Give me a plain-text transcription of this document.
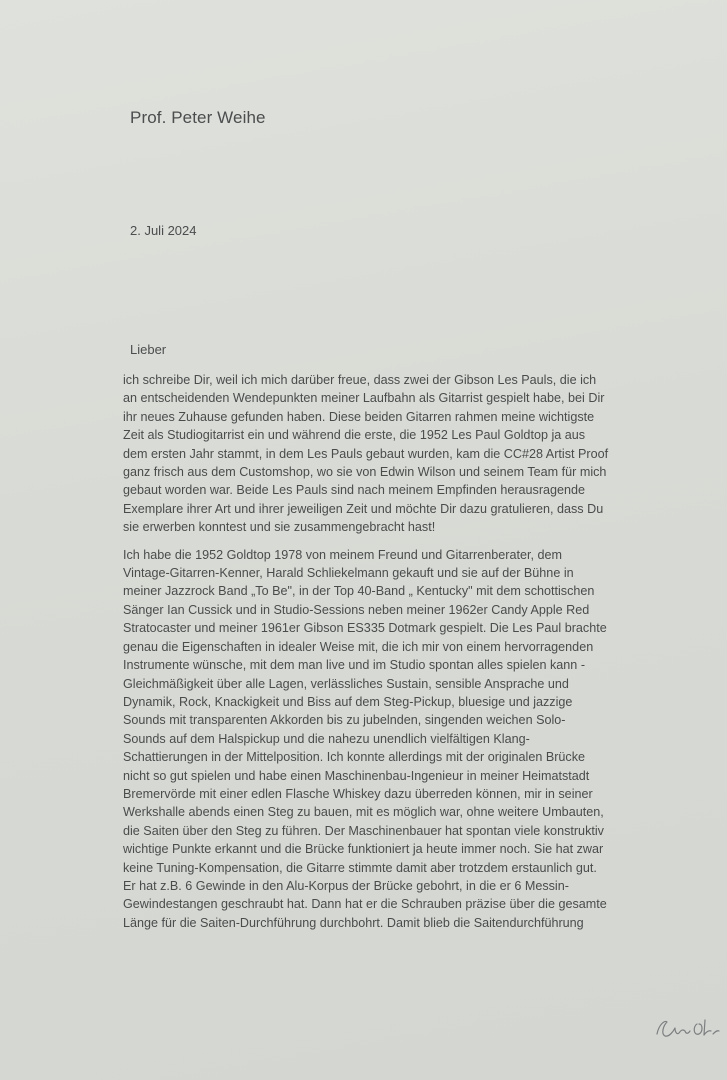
Prof. Peter Weihe
2. Juli 2024
Lieber
ich schreibe Dir, weil ich mich darüber freue, dass zwei der Gibson Les Pauls, die ich
an entscheidenden Wendepunkten meiner Laufbahn als Gitarrist gespielt habe, bei Dir
ihr neues Zuhause gefunden haben. Diese beiden Gitarren rahmen meine wichtigste
Zeit als Studiogitarrist ein und während die erste, die 1952 Les Paul Goldtop ja aus
dem ersten Jahr stammt, in dem Les Pauls gebaut wurden, kam die CC#28 Artist Proof
ganz frisch aus dem Customshop, wo sie von Edwin Wilson und seinem Team für mich
gebaut worden war. Beide Les Pauls sind nach meinem Empfinden herausragende
Exemplare ihrer Art und ihrer jeweiligen Zeit und möchte Dir dazu gratulieren, dass Du
sie erwerben konntest und sie zusammengebracht hast!
Ich habe die 1952 Goldtop 1978 von meinem Freund und Gitarrenberater, dem
Vintage-Gitarren-Kenner, Harald Schliekelmann gekauft und sie auf der Bühne in
meiner Jazzrock Band „To Be", in der Top 40-Band „ Kentucky" mit dem schottischen
Sänger Ian Cussick und in Studio-Sessions neben meiner 1962er Candy Apple Red
Stratocaster und meiner 1961er Gibson ES335 Dotmark gespielt. Die Les Paul brachte
genau die Eigenschaften in idealer Weise mit, die ich mir von einem hervorragenden
Instrumente wünsche, mit dem man live und im Studio spontan alles spielen kann -
Gleichmäßigkeit über alle Lagen, verlässliches Sustain, sensible Ansprache und
Dynamik, Rock, Knackigkeit und Biss auf dem Steg-Pickup, bluesige und jazzige
Sounds mit transparenten Akkorden bis zu jubelnden, singenden weichen Solo-
Sounds auf dem Halspickup und die nahezu unendlich vielfältigen Klang-
Schattierungen in der Mittelposition. Ich konnte allerdings mit der originalen Brücke
nicht so gut spielen und habe einen Maschinenbau-Ingenieur in meiner Heimatstadt
Bremervörde mit einer edlen Flasche Whiskey dazu überreden können, mir in seiner
Werkshalle abends einen Steg zu bauen, mit es möglich war, ohne weitere Umbauten,
die Saiten über den Steg zu führen. Der Maschinenbauer hat spontan viele konstruktiv
wichtige Punkte erkannt und die Brücke funktioniert ja heute immer noch. Sie hat zwar
keine Tuning-Kompensation, die Gitarre stimmte damit aber trotzdem erstaunlich gut.
Er hat z.B. 6 Gewinde in den Alu-Korpus der Brücke gebohrt, in die er 6 Messin-
Gewindestangen geschraubt hat. Dann hat er die Schrauben präzise über die gesamte
Länge für die Saiten-Durchführung durchbohrt. Damit blieb die Saitendurchführung
